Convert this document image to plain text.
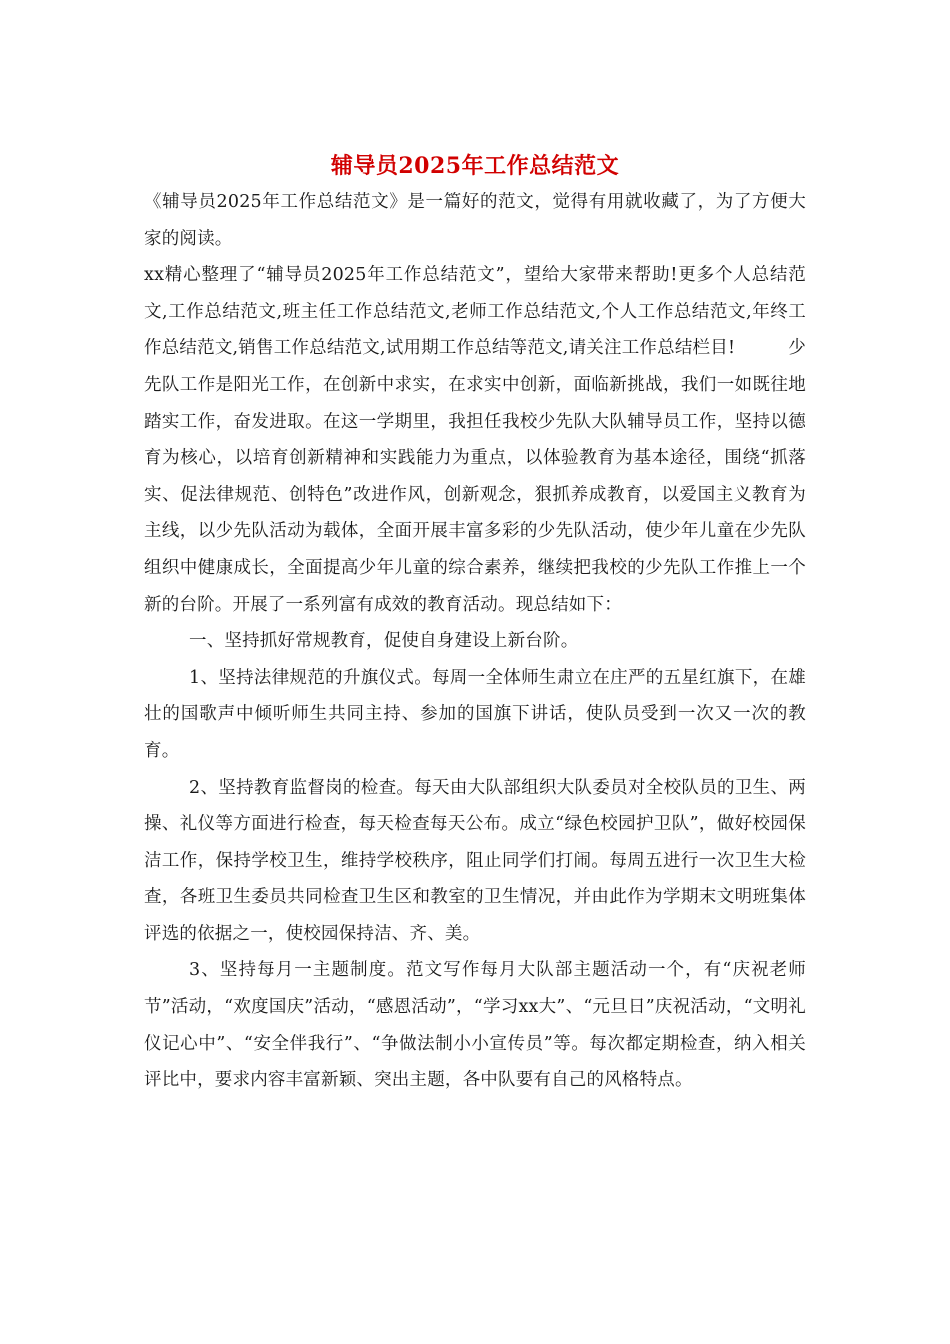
辅导员2025年工作总结范文

《辅导员2025年工作总结范文》是一篇好的范文，觉得有用就收藏了，为了方便大家的阅读。

xx精心整理了“辅导员2025年工作总结范文”，望给大家带来帮助!更多个人总结范文,工作总结范文,班主任工作总结范文,老师工作总结范文,个人工作总结范文,年终工作总结范文,销售工作总结范文,试用期工作总结等范文,请关注工作总结栏目!　　　少先队工作是阳光工作，在创新中求实，在求实中创新，面临新挑战，我们一如既往地踏实工作，奋发进取。在这一学期里，我担任我校少先队大队辅导员工作，坚持以德育为核心，以培育创新精神和实践能力为重点，以体验教育为基本途径，围绕“抓落实、促法律规范、创特色”改进作风，创新观念，狠抓养成教育，以爱国主义教育为主线，以少先队活动为载体，全面开展丰富多彩的少先队活动，使少年儿童在少先队组织中健康成长，全面提高少年儿童的综合素养，继续把我校的少先队工作推上一个新的台阶。开展了一系列富有成效的教育活动。现总结如下：

一、坚持抓好常规教育，促使自身建设上新台阶。

1、坚持法律规范的升旗仪式。每周一全体师生肃立在庄严的五星红旗下，在雄壮的国歌声中倾听师生共同主持、参加的国旗下讲话，使队员受到一次又一次的教育。

2、坚持教育监督岗的检查。每天由大队部组织大队委员对全校队员的卫生、两操、礼仪等方面进行检查，每天检查每天公布。成立“绿色校园护卫队”，做好校园保洁工作，保持学校卫生，维持学校秩序，阻止同学们打闹。每周五进行一次卫生大检查，各班卫生委员共同检查卫生区和教室的卫生情况，并由此作为学期末文明班集体评选的依据之一，使校园保持洁、齐、美。

3、坚持每月一主题制度。范文写作每月大队部主题活动一个，有“庆祝老师节”活动，“欢度国庆”活动，“感恩活动”，“学习xx大”、“元旦日”庆祝活动，“文明礼仪记心中”、“安全伴我行”、“争做法制小小宣传员”等。每次都定期检查，纳入相关评比中，要求内容丰富新颖、突出主题，各中队要有自己的风格特点。
